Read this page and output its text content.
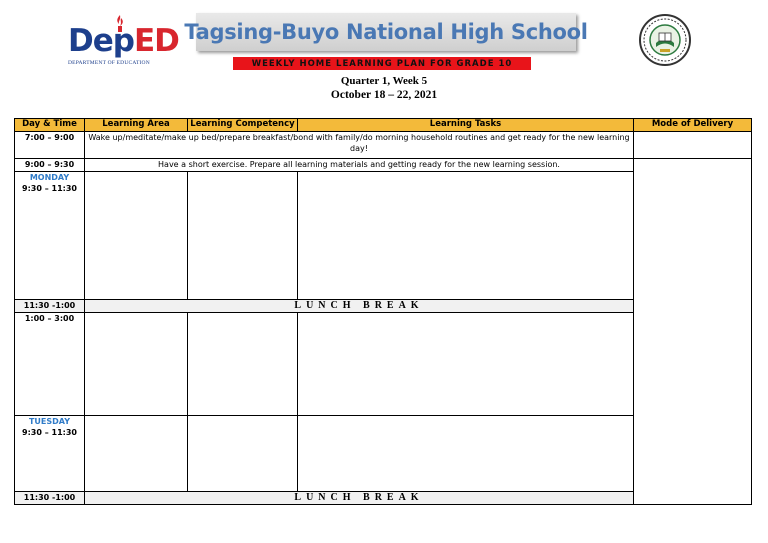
DepED
DEPARTMENT OF EDUCATION
Tagsing-Buyo National High School
WEEKLY HOME LEARNING PLAN FOR GRADE 10
Quarter 1, Week 5
October 18 – 22, 2021
Day & Time	Learning Area	Learning Competency	Learning Tasks	Mode of Delivery
7:00 – 9:00	Wake up/meditate/make up bed/prepare breakfast/bond with family/do morning household routines and get ready for the new learning day!			
9:00 – 9:30	Have a short exercise. Prepare all learning materials and getting ready for the new learning session.			

MONDAY
9:30 – 11:30				

11:30 -1:00	LUNCH BREAK			
1:00 – 3:00				

TUESDAY
9:30 – 11:30				

11:30 -1:00	LUNCH BREAK			
